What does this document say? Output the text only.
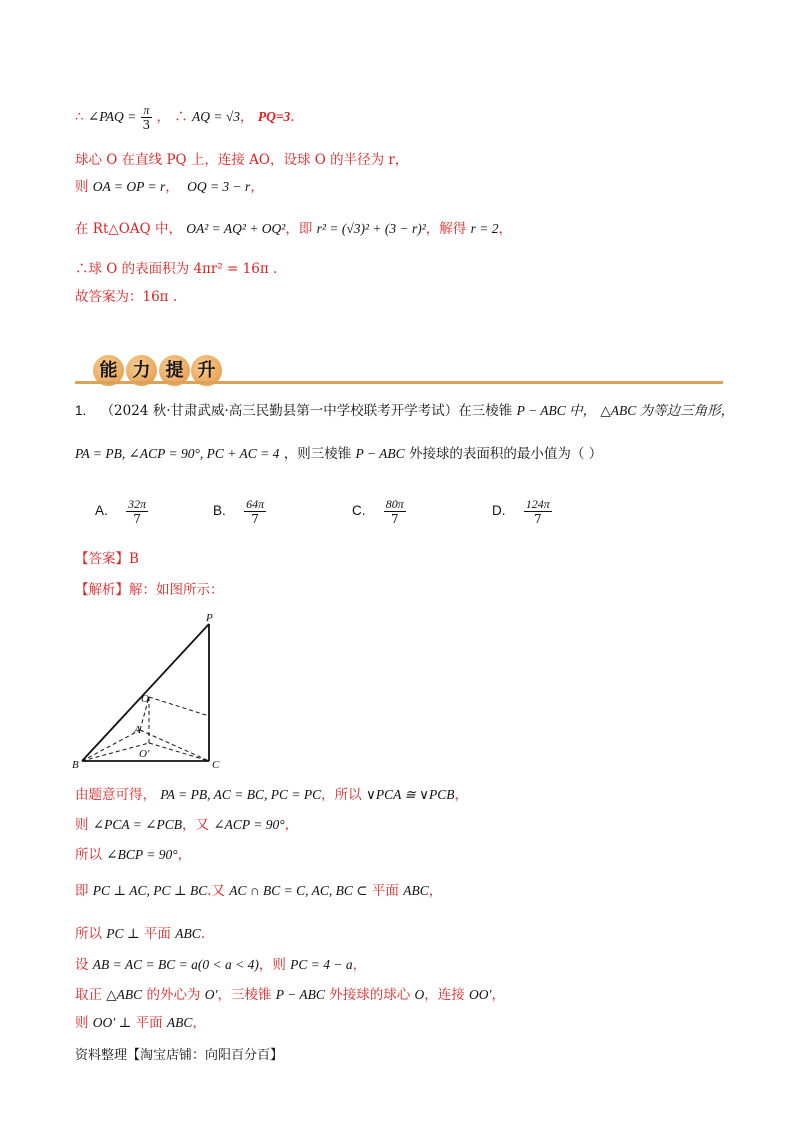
∴ ∠PAQ = $\frac{\pi}{3}$ ， ∴ AQ = √3， PQ=3.
球心 O 在直线 PQ 上，连接 AO，设球 O 的半径为 r，
则 OA = OP = r， OQ = 3 − r，
在 Rt△OAQ 中， OA² = AQ² + OQ²，即 r² = (√3)² + (3 − r)²，解得 r = 2，
∴球 O 的表面积为 4πr² = 16π .
故答案为：16π .
能 力 提 升
1. （2024 秋·甘肃武威·高三民勤县第一中学校联考开学考试）在三棱锥 P − ABC 中， △ABC 为等边三角形，
PA = PB, ∠ACP = 90°, PC + AC = 4 ，则三棱锥 P − ABC 外接球的表面积的最小值为（ ）
A. $\frac{32\pi}{7}$	B. $\frac{64\pi}{7}$	C. $\frac{80\pi}{7}$	D. $\frac{124\pi}{7}$
【答案】B
【解析】解：如图所示：
P
O
A
O′
B	C
由题意可得， PA = PB, AC = BC, PC = PC，所以 ∨PCA ≅ ∨PCB，
则 ∠PCA = ∠PCB，又 ∠ACP = 90°，
所以 ∠BCP = 90°，
即 PC ⊥ AC, PC ⊥ BC.又 AC ∩ BC = C, AC, BC ⊂ 平面 ABC，
所以 PC ⊥ 平面 ABC.
设 AB = AC = BC = a(0 < a < 4)，则 PC = 4 − a，
取正 △ABC 的外心为 O′，三棱锥 P − ABC 外接球的球心 O，连接 OO′，
则 OO′ ⊥ 平面 ABC，
资料整理【淘宝店铺：向阳百分百】
